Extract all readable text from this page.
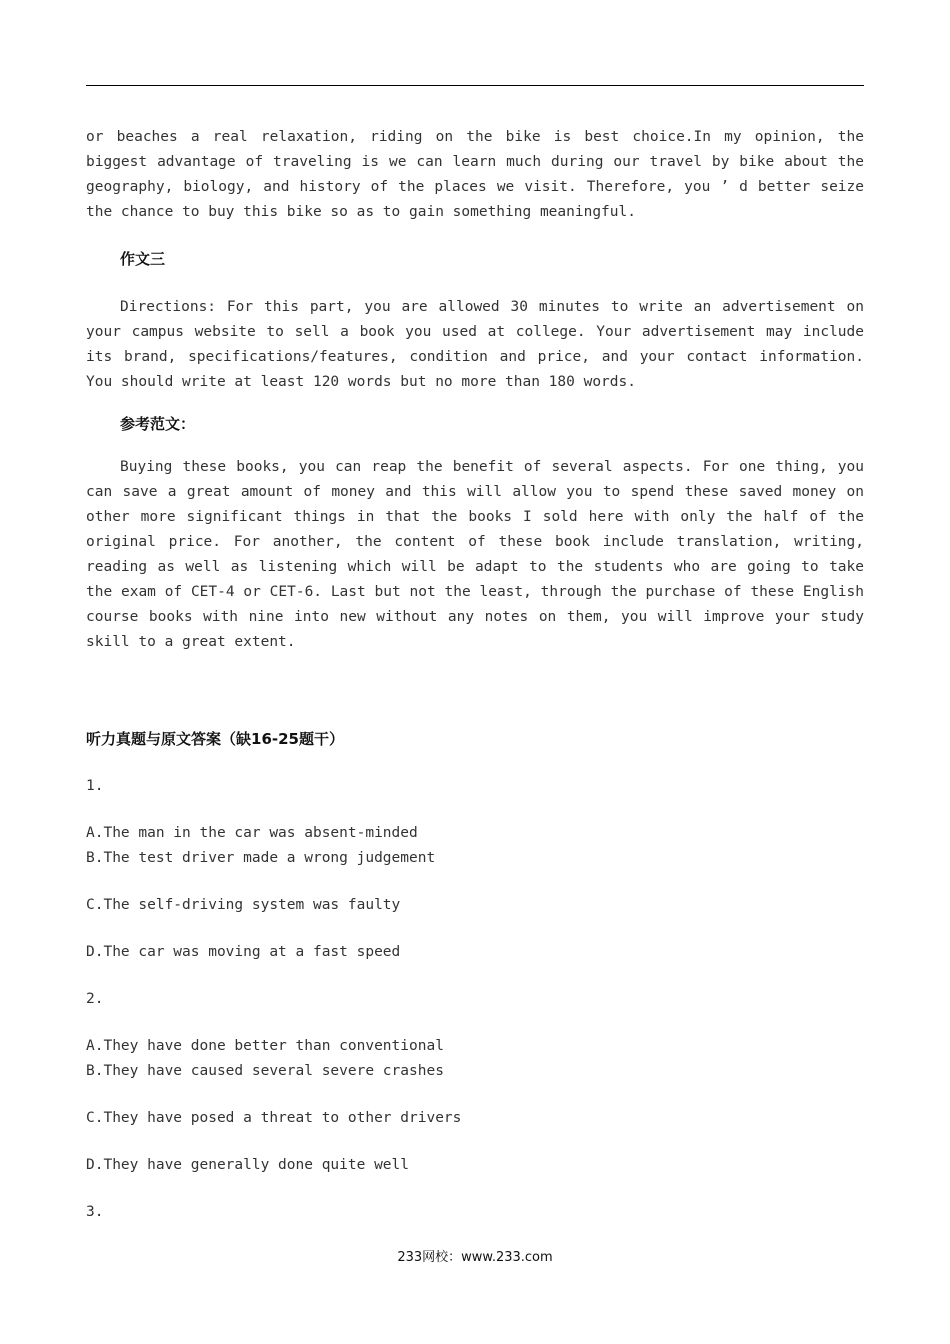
or beaches a real relaxation, riding on the bike is best choice.In my opinion, the biggest advantage of traveling is we can learn much during our travel by bike about the geography, biology, and history of the places we visit. Therefore, you ’ d better seize the chance to buy this bike so as to gain something meaningful.

作文三

Directions: For this part, you are allowed 30 minutes to write an advertisement on your campus website to sell a book you used at college. Your advertisement may include its brand, specifications/features, condition and price, and your contact information. You should write at least 120 words but no more than 180 words.

参考范文：

Buying these books, you can reap the benefit of several aspects. For one thing, you can save a great amount of money and this will allow you to spend these saved money on other more significant things in that the books I sold here with only the half of the original price. For another, the content of these book include translation, writing, reading as well as listening which will be adapt to the students who are going to take the exam of CET-4 or CET-6. Last but not the least, through the purchase of these English course books with nine into new without any notes on them, you will improve your study skill to a great extent.

听力真题与原文答案（缺16-25题干）

1.

A.The man in the car was absent-minded

B.The test driver made a wrong judgement

C.The self-driving system was faulty

D.The car was moving at a fast speed

2.

A.They have done better than conventional

B.They have caused several severe crashes

C.They have posed a threat to other drivers

D.They have generally done quite well

3.

233网校：www.233.com
